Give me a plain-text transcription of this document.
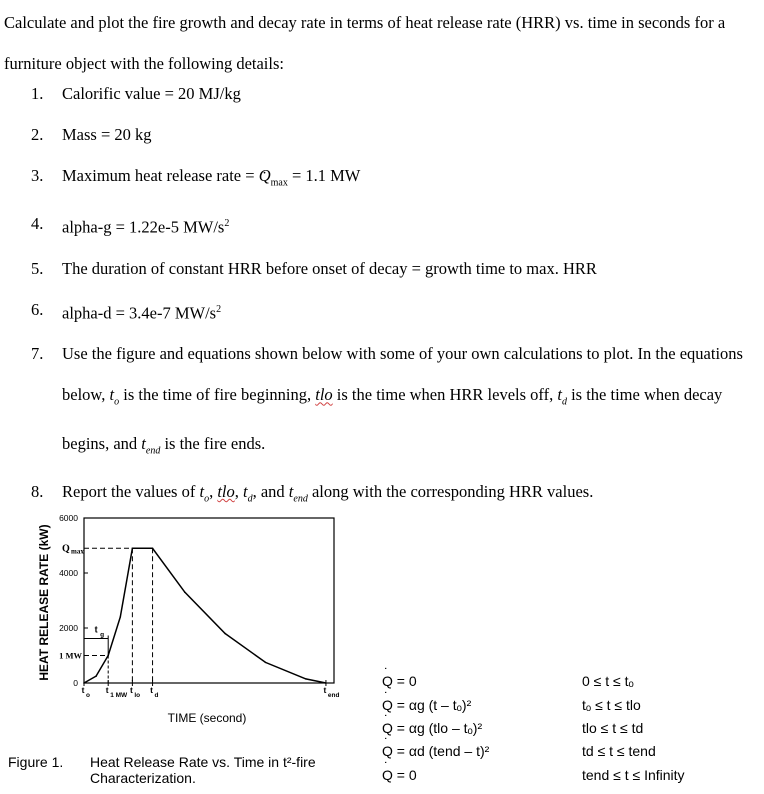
Calculate and plot the fire growth and decay rate in terms of heat release rate (HRR) vs. time in seconds for a furniture object with the following details:
1. Calorific value = 20 MJ/kg
2. Mass = 20 kg
3. Maximum heat release rate = ˙ $Q_{max} = 1.1$ MW
4. alpha-g = 1.22e-5 $MW/s^2$
5. The duration of constant HRR before onset of decay = growth time to max. HRR
6. alpha-d = 3.4e-7 $MW/s^2$
7. Use the figure and equations shown below with some of your own calculations to plot. In the equations below, $t_o$ is the time of fire beginning, tlo is the time when HRR levels off, $t_d$ is the time when decay begins, and $t_{end}$ is the fire ends.
8. Report the values of $t_o$, tlo, $t_d$, and $t_{end}$ along with the corresponding HRR values.
6000
4000
2000
0
HEAT RELEASE RATE (kW)
TIME (second)
t
g
Q max
1 MW
t
o
t
1 MW
t
lo
t
d
t
end
Figure 1. Heat Release Rate vs. Time in t²-fire Characterization.
˙ Q = 0
˙ Q = αg (t – tₒ)²
˙ Q = αg (tlo – tₒ)²
˙ Q = αd (tend – t)²
˙ Q = 0
0 ≤ t ≤ tₒ
tₒ ≤ t ≤ tlo
tlo ≤ t ≤ td
td ≤ t ≤ tend
tend ≤ t ≤ Infinity
